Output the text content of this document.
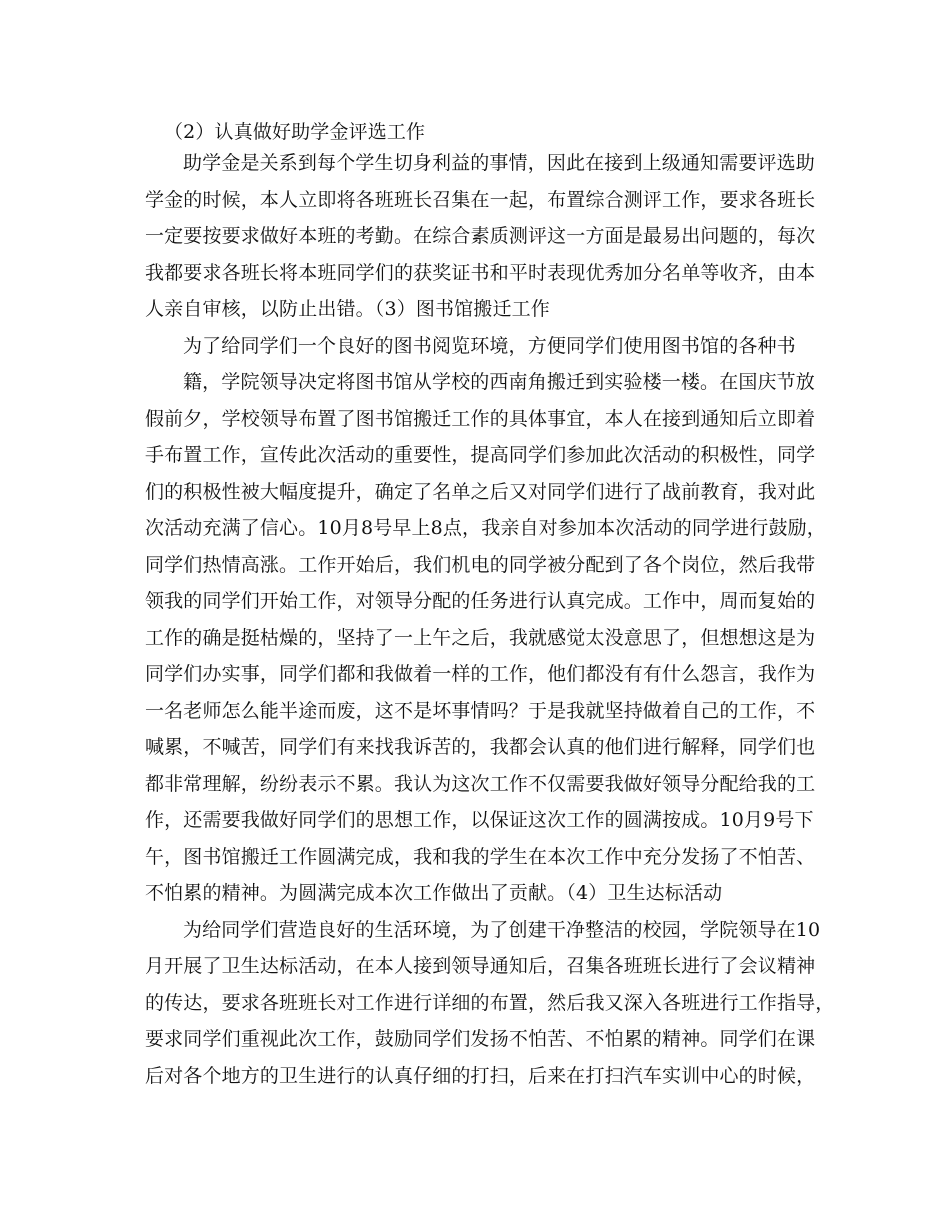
（2）认真做好助学金评选工作
助学金是关系到每个学生切身利益的事情，因此在接到上级通知需要评选助
学金的时候，本人立即将各班班长召集在一起，布置综合测评工作，要求各班长
一定要按要求做好本班的考勤。在综合素质测评这一方面是最易出问题的，每次
我都要求各班长将本班同学们的获奖证书和平时表现优秀加分名单等收齐，由本
人亲自审核，以防止出错。（3）图书馆搬迁工作
为了给同学们一个良好的图书阅览环境，方便同学们使用图书馆的各种书
籍，学院领导决定将图书馆从学校的西南角搬迁到实验楼一楼。在国庆节放
假前夕，学校领导布置了图书馆搬迁工作的具体事宜，本人在接到通知后立即着
手布置工作，宣传此次活动的重要性，提高同学们参加此次活动的积极性，同学
们的积极性被大幅度提升，确定了名单之后又对同学们进行了战前教育，我对此
次活动充满了信心。10月8号早上8点，我亲自对参加本次活动的同学进行鼓励，
同学们热情高涨。工作开始后，我们机电的同学被分配到了各个岗位，然后我带
领我的同学们开始工作，对领导分配的任务进行认真完成。工作中，周而复始的
工作的确是挺枯燥的，坚持了一上午之后，我就感觉太没意思了，但想想这是为
同学们办实事，同学们都和我做着一样的工作，他们都没有有什么怨言，我作为
一名老师怎么能半途而废，这不是坏事情吗？于是我就坚持做着自己的工作，不
喊累，不喊苦，同学们有来找我诉苦的，我都会认真的他们进行解释，同学们也
都非常理解，纷纷表示不累。我认为这次工作不仅需要我做好领导分配给我的工
作，还需要我做好同学们的思想工作，以保证这次工作的圆满按成。10月9号下
午，图书馆搬迁工作圆满完成，我和我的学生在本次工作中充分发扬了不怕苦、
不怕累的精神。为圆满完成本次工作做出了贡献。（4）卫生达标活动
为给同学们营造良好的生活环境，为了创建干净整洁的校园，学院领导在10
月开展了卫生达标活动，在本人接到领导通知后，召集各班班长进行了会议精神
的传达，要求各班班长对工作进行详细的布置，然后我又深入各班进行工作指导，
要求同学们重视此次工作，鼓励同学们发扬不怕苦、不怕累的精神。同学们在课
后对各个地方的卫生进行的认真仔细的打扫，后来在打扫汽车实训中心的时候，
